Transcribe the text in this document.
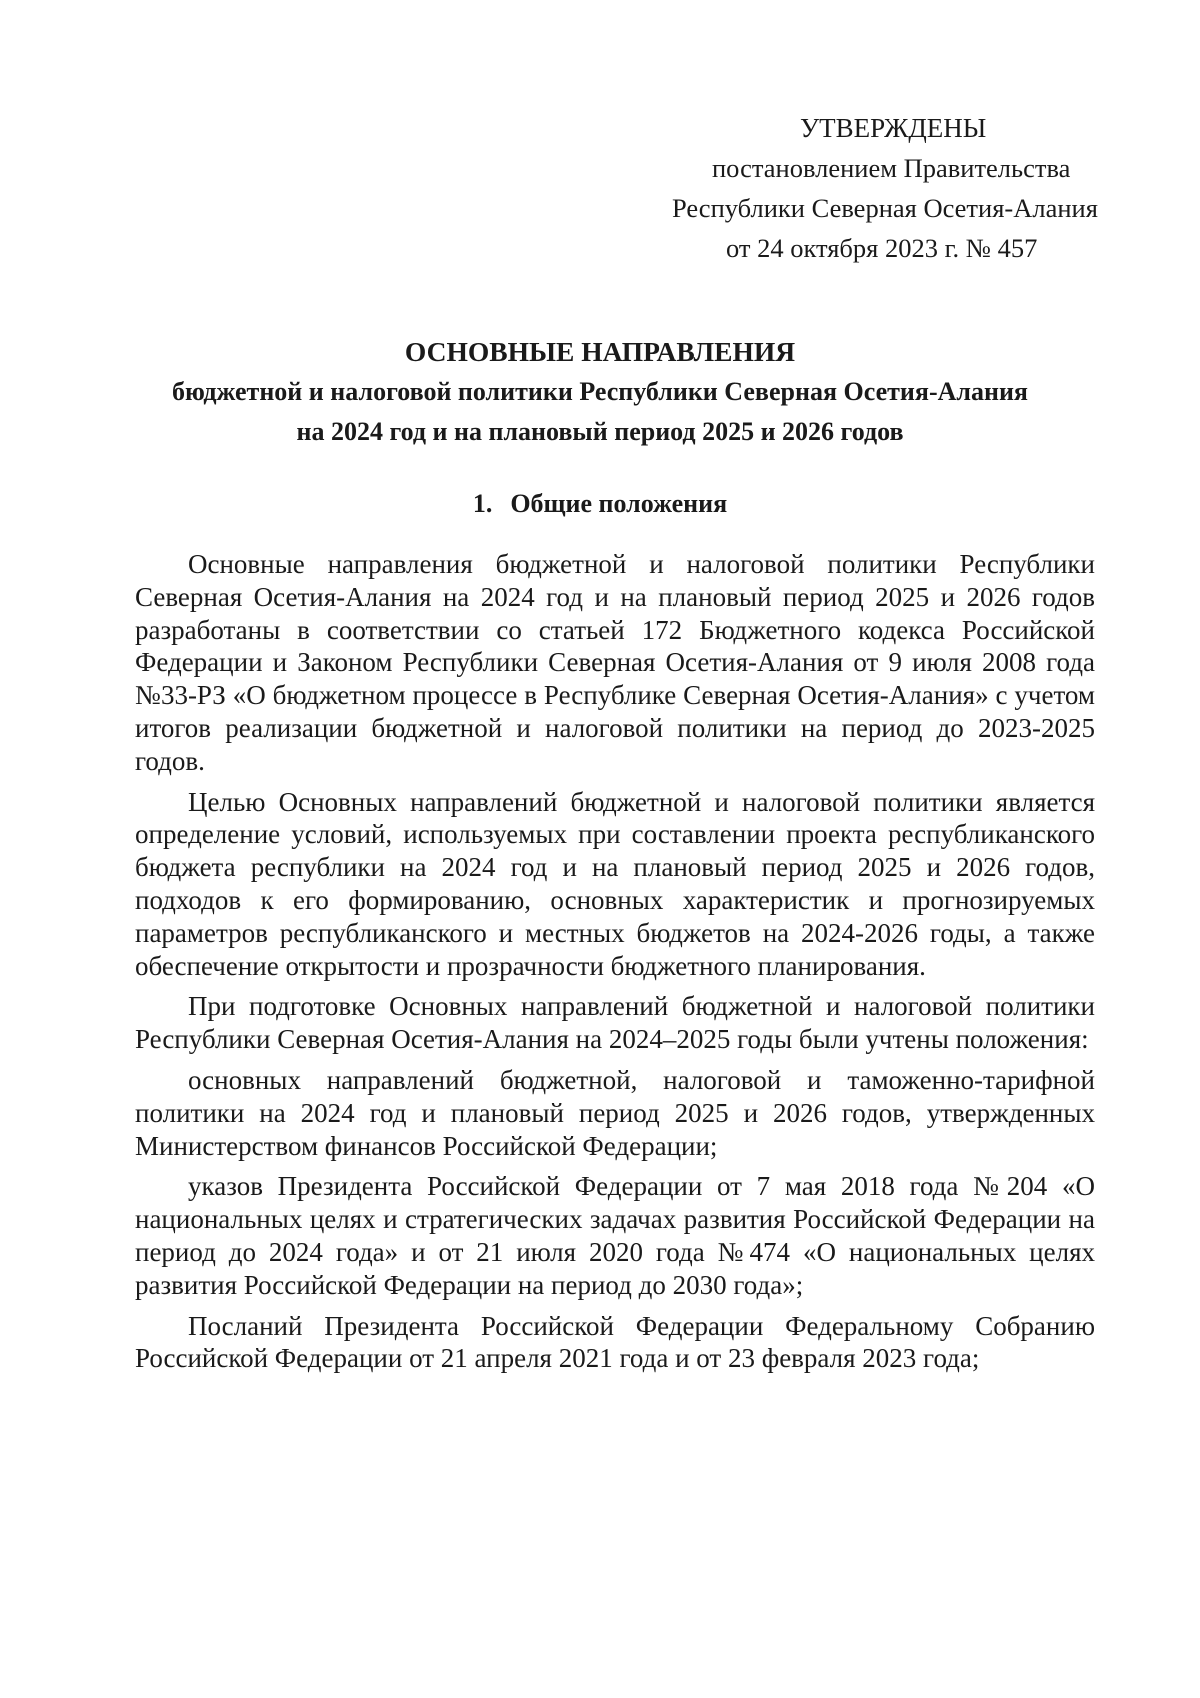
УТВЕРЖДЕНЫ
постановлением Правительства
Республики Северная Осетия-Алания
от 24 октября 2023 г. № 457
ОСНОВНЫЕ НАПРАВЛЕНИЯ
бюджетной и налоговой политики Республики Северная Осетия-Алания
на 2024 год и на плановый период 2025 и 2026 годов
1. Общие положения

Основные направления бюджетной и налоговой политики Республики Северная Осетия-Алания на 2024 год и на плановый период 2025 и 2026 годов разработаны в соответствии со статьей 172 Бюджетного кодекса Российской Федерации и Законом Республики Северная Осетия-Алания от 9 июля 2008 года №33-РЗ «О бюджетном процессе в Республике Северная Осетия-Алания» с учетом итогов реализации бюджетной и налоговой политики на период до 2023-2025 годов.

Целью Основных направлений бюджетной и налоговой политики является определение условий, используемых при составлении проекта республиканского бюджета республики на 2024 год и на плановый период 2025 и 2026 годов, подходов к его формированию, основных характеристик и прогнозируемых параметров республиканского и местных бюджетов на 2024-2026 годы, а также обеспечение открытости и прозрачности бюджетного планирования.

При подготовке Основных направлений бюджетной и налоговой политики Республики Северная Осетия-Алания на 2024–2025 годы были учтены положения:

основных направлений бюджетной, налоговой и таможенно-тарифной политики на 2024 год и плановый период 2025 и 2026 годов, утвержденных Министерством финансов Российской Федерации;

указов Президента Российской Федерации от 7 мая 2018 года №204 «О национальных целях и стратегических задачах развития Российской Федерации на период до 2024 года» и от 21 июля 2020 года №474 «О национальных целях развития Российской Федерации на период до 2030 года»;

Посланий Президента Российской Федерации Федеральному Собранию Российской Федерации от 21 апреля 2021 года и от 23 февраля 2023 года;
